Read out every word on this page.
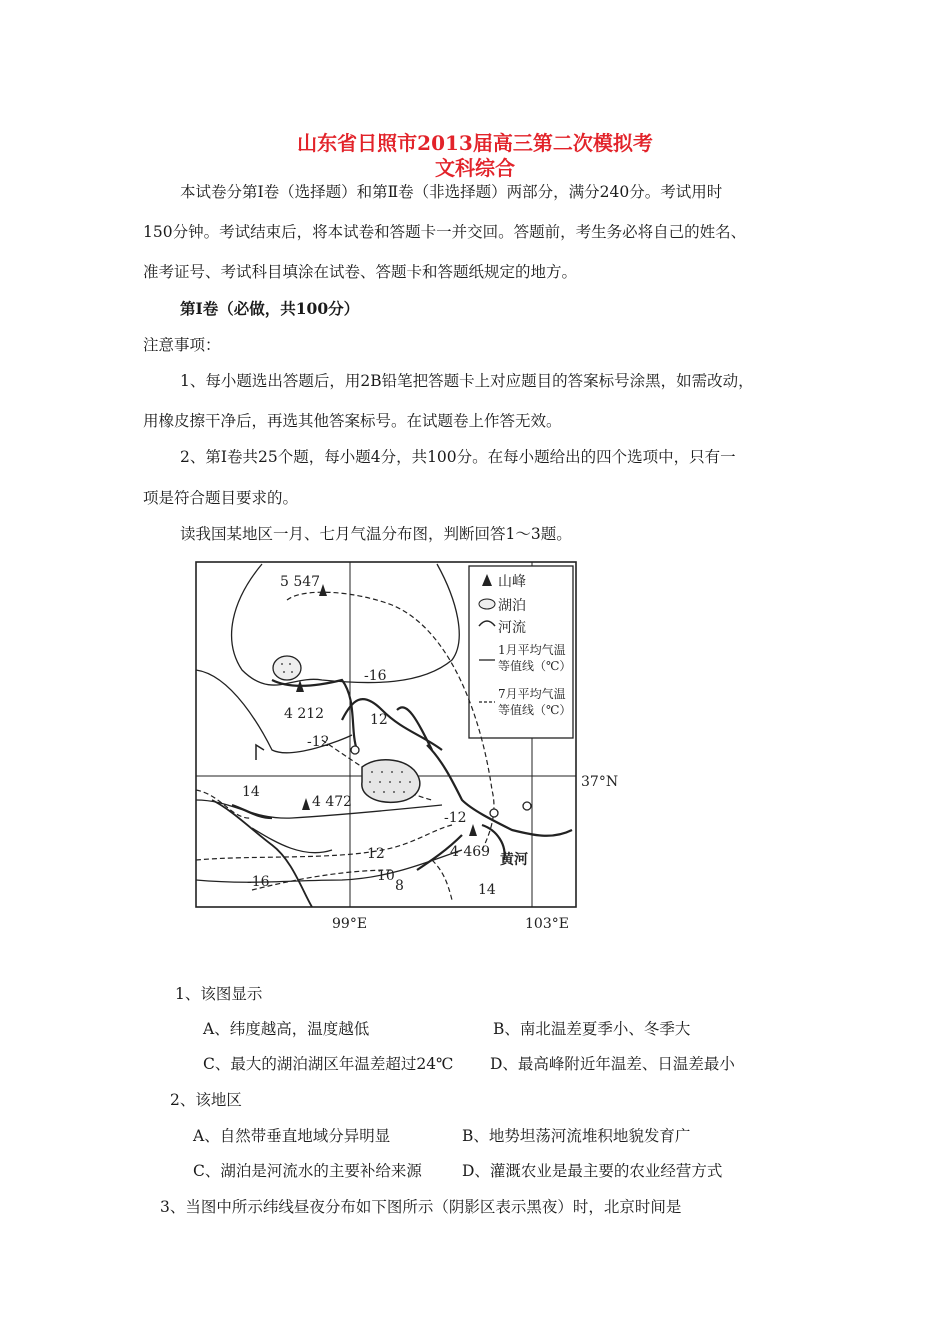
山东省日照市2013届高三第二次模拟考
文科综合
本试卷分第Ⅰ卷（选择题）和第Ⅱ卷（非选择题）两部分，满分240分。考试用时
150分钟。考试结束后，将本试卷和答题卡一并交回。答题前，考生务必将自己的姓名、
准考证号、考试科目填涂在试卷、答题卡和答题纸规定的地方。
第Ⅰ卷（必做，共100分）
注意事项：
1、每小题选出答题后，用2B铅笔把答题卡上对应题目的答案标号涂黑，如需改动，
用橡皮擦干净后，再选其他答案标号。在试题卷上作答无效。
2、第Ⅰ卷共25个题，每小题4分，共100分。在每小题给出的四个选项中，只有一
项是符合题目要求的。
读我国某地区一月、七月气温分布图，判断回答1～3题。
山峰
湖泊
河流
1月平均气温
等值线（℃）
7月平均气温
等值线（℃）
5 547
4 212
4 472
4 469
-16
-12
-12
-16
12
14
12
10
8	14
黄河
37°N
99°E	103°E
1、该图显示
A、纬度越高，温度越低	B、南北温差夏季小、冬季大
C、最大的湖泊湖区年温差超过24℃ D、最高峰附近年温差、日温差最小
2、该地区
A、自然带垂直地域分异明显	B、地势坦荡河流堆积地貌发育广
C、湖泊是河流水的主要补给来源	D、灌溉农业是最主要的农业经营方式
3、当图中所示纬线昼夜分布如下图所示（阴影区表示黑夜）时，北京时间是
